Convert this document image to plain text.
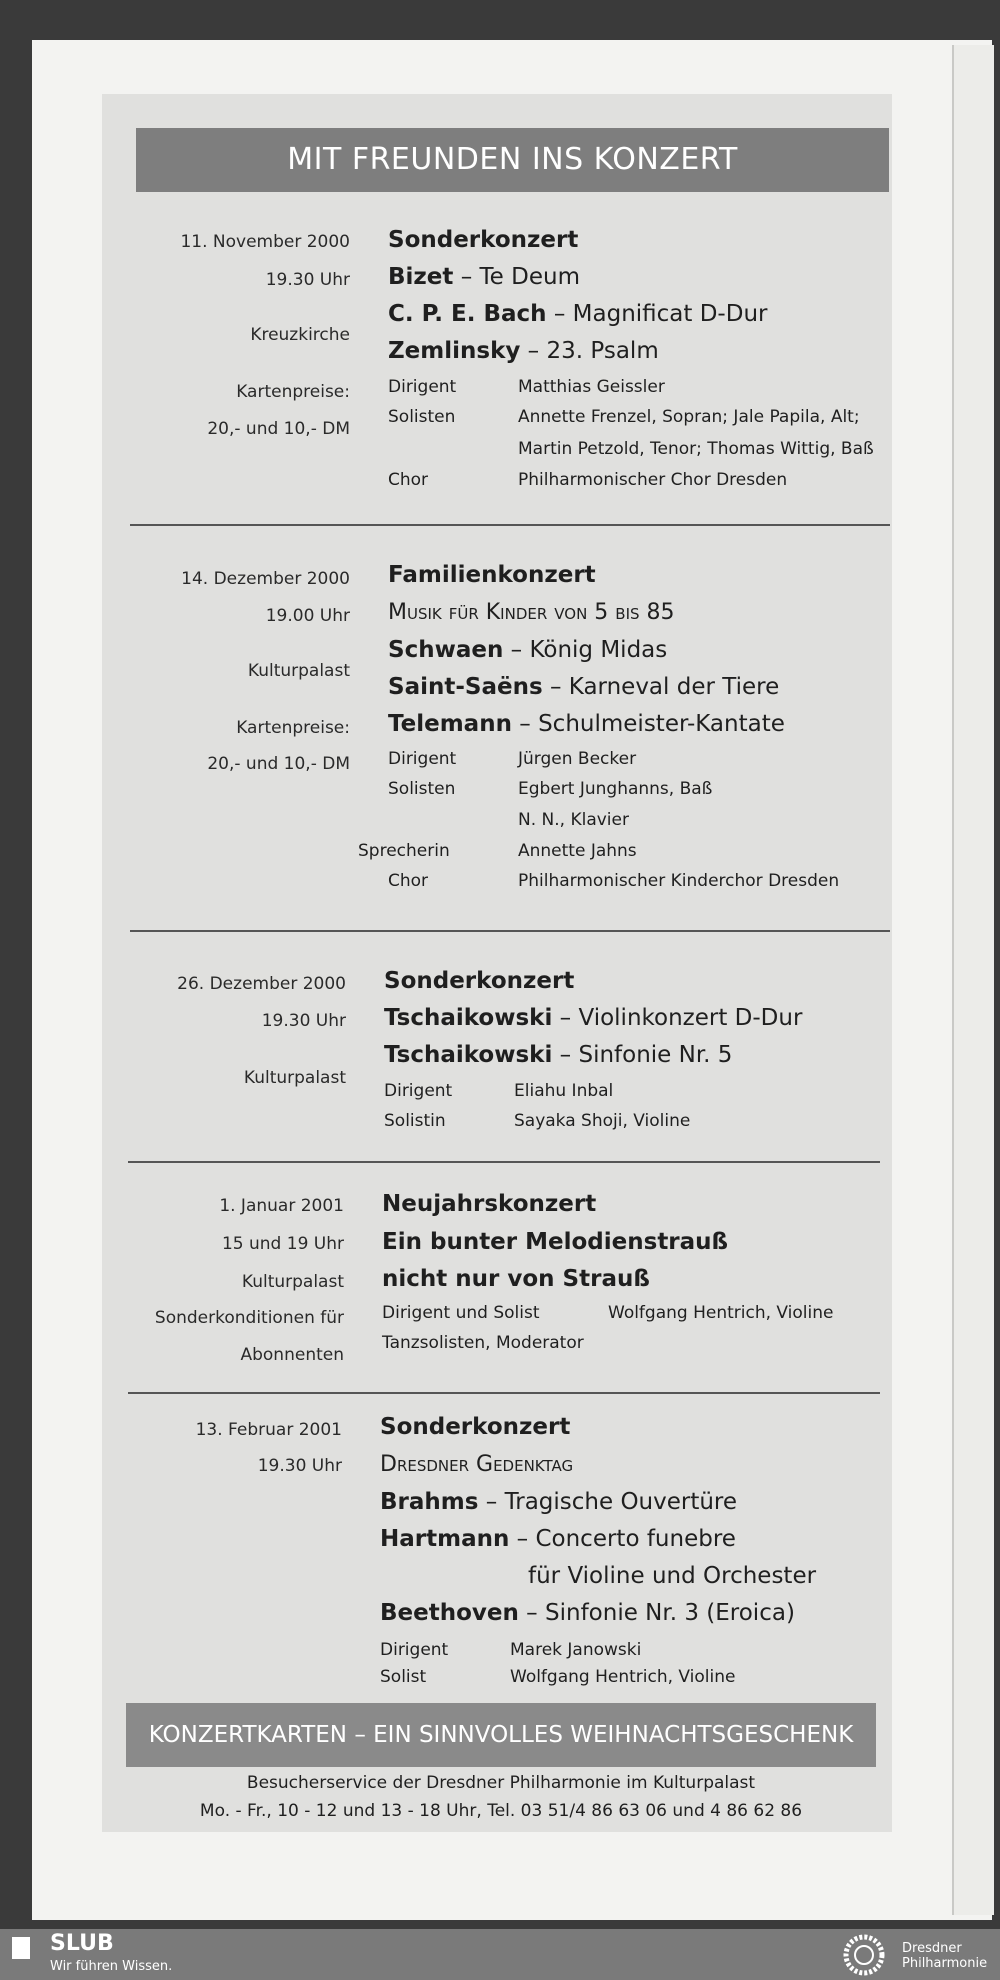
MIT FREUNDEN INS KONZERT
11. November 2000
19.30 Uhr
Kreuzkirche
Kartenpreise:
20,- und 10,- DM
Sonderkonzert
Bizet – Te Deum
C. P. E. Bach – Magnificat D-Dur
Zemlinsky – 23. Psalm
Dirigent	Matthias Geissler
Solisten	Annette Frenzel, Sopran; Jale Papila, Alt;
Martin Petzold, Tenor; Thomas Wittig, Baß
Chor	Philharmonischer Chor Dresden
14. Dezember 2000
19.00 Uhr
Kulturpalast
Kartenpreise:
20,- und 10,- DM
Familienkonzert
Musik für Kinder von 5 bis 85
Schwaen – König Midas
Saint-Saëns – Karneval der Tiere
Telemann – Schulmeister-Kantate
Dirigent	Jürgen Becker
Solisten	Egbert Junghanns, Baß
N. N., Klavier
Sprecherin	Annette Jahns
Chor	Philharmonischer Kinderchor Dresden
26. Dezember 2000
19.30 Uhr
Kulturpalast
Sonderkonzert
Tschaikowski – Violinkonzert D-Dur
Tschaikowski – Sinfonie Nr. 5
Dirigent	Eliahu Inbal
Solistin	Sayaka Shoji, Violine
1. Januar 2001
15 und 19 Uhr
Kulturpalast
Sonderkonditionen für
Abonnenten
Neujahrskonzert
Ein bunter Melodienstrauß
nicht nur von Strauß
Dirigent und Solist	Wolfgang Hentrich, Violine
Tanzsolisten, Moderator
13. Februar 2001
19.30 Uhr
Sonderkonzert
Dresdner Gedenktag
Brahms – Tragische Ouvertüre
Hartmann – Concerto funebre
für Violine und Orchester
Beethoven – Sinfonie Nr. 3 (Eroica)
Dirigent	Marek Janowski
Solist	Wolfgang Hentrich, Violine
KONZERTKARTEN – EIN SINNVOLLES WEIHNACHTSGESCHENK
Besucherservice der Dresdner Philharmonie im Kulturpalast
Mo. - Fr., 10 - 12 und 13 - 18 Uhr, Tel. 03 51/4 86 63 06 und 4 86 62 86
SLUB
Wir führen Wissen.
Dresdner
Philharmonie
